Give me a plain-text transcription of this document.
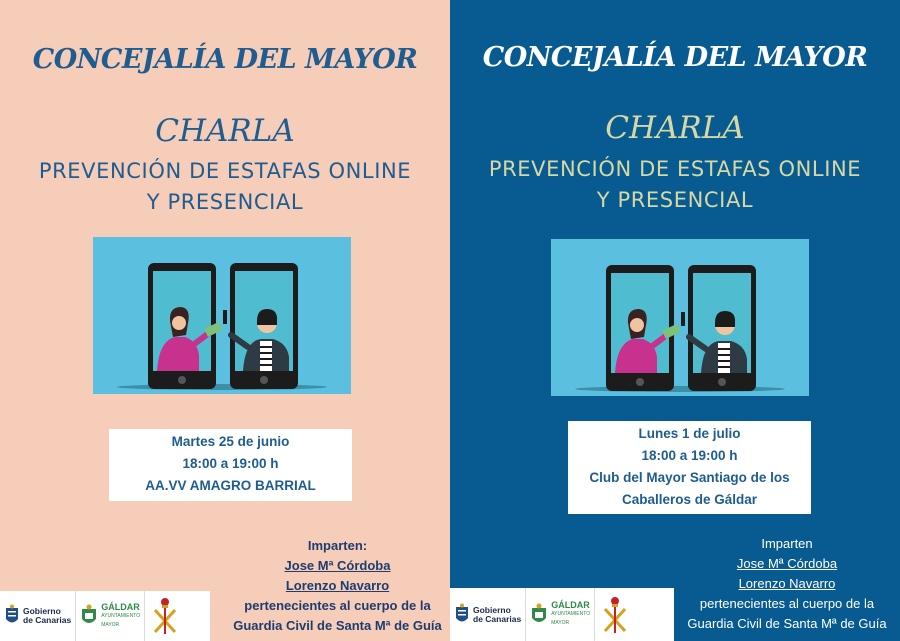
CONCEJALÍA DEL MAYOR
CHARLA
PREVENCIÓN DE ESTAFAS ONLINE
Y PRESENCIAL
Martes 25 de junio
18:00 a 19:00 h
AA.VV AMAGRO BARRIAL
Imparten:
Jose Mª Córdoba
Lorenzo Navarro
pertenecientes al cuerpo de la
Guardia Civil de Santa Mª de Guía
Gobierno
de Canarias
GÁLDAR
AYUNTAMIENTO
MAYOR
CONCEJALÍA DEL MAYOR
CHARLA
PREVENCIÓN DE ESTAFAS ONLINE
Y PRESENCIAL
Lunes 1 de julio
18:00 a 19:00 h
Club del Mayor Santiago de los
Caballeros de Gáldar
Imparten
Jose Mª Córdoba
Lorenzo Navarro
pertenecientes al cuerpo de la
Guardia Civil de Santa Mª de Guía
Gobierno
de Canarias
GÁLDAR
AYUNTAMIENTO
MAYOR
